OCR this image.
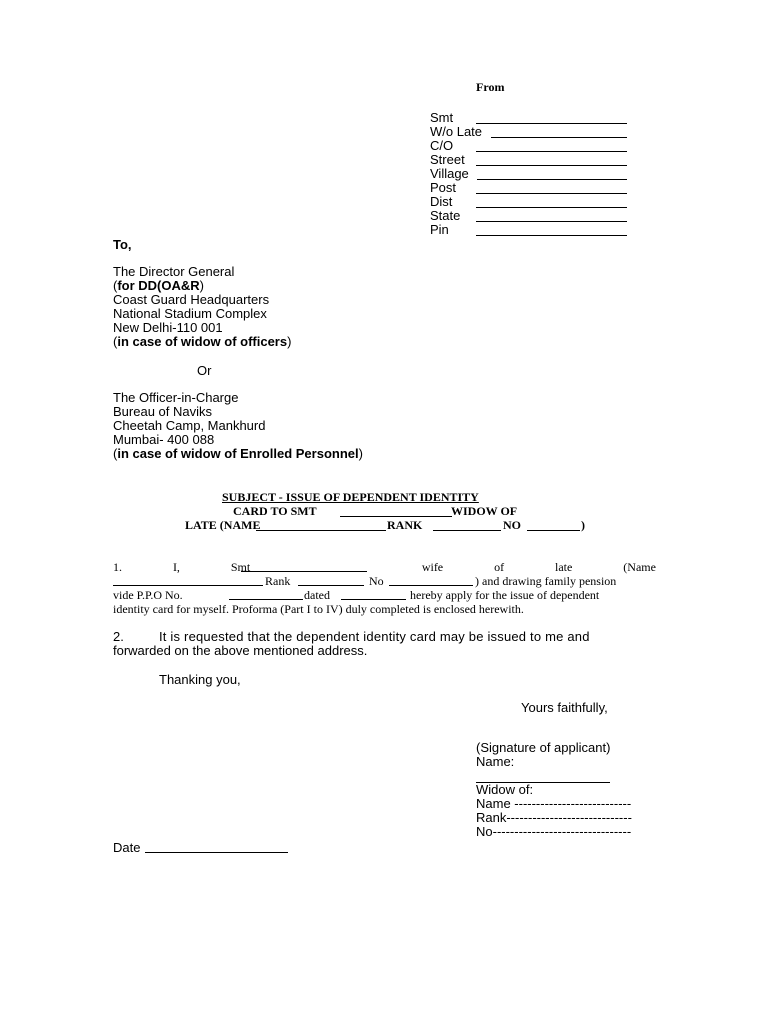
From
Smt
W/o Late
C/O
Street
Village
Post
Dist
State
Pin
To,
The Director General
(for DD(OA&R)
Coast Guard Headquarters
National Stadium Complex
New Delhi-110 001
(in case of widow of officers)
Or
The Officer-in-Charge
Bureau of Naviks
Cheetah Camp, Mankhurd
Mumbai- 400 088
(in case of widow of Enrolled Personnel)
SUBJECT - ISSUE OF DEPENDENT IDENTITY
CARD TO SMT	WIDOW OF
LATE (NAME	RANK	NO	)
1.	I,	Smt	wife	of	late	(Name
Rank	No	) and drawing family pension
vide P.P.O No.	dated	hereby apply for the issue of dependent
identity card for myself. Proforma (Part I to IV) duly completed is enclosed herewith.
2.	It is requested that the dependent identity card may be issued to me and
forwarded on the above mentioned address.
Thanking you,
Yours faithfully,
(Signature of applicant)
Name:
Widow of:
Name ---------------------------
Rank-----------------------------
No--------------------------------
Date
